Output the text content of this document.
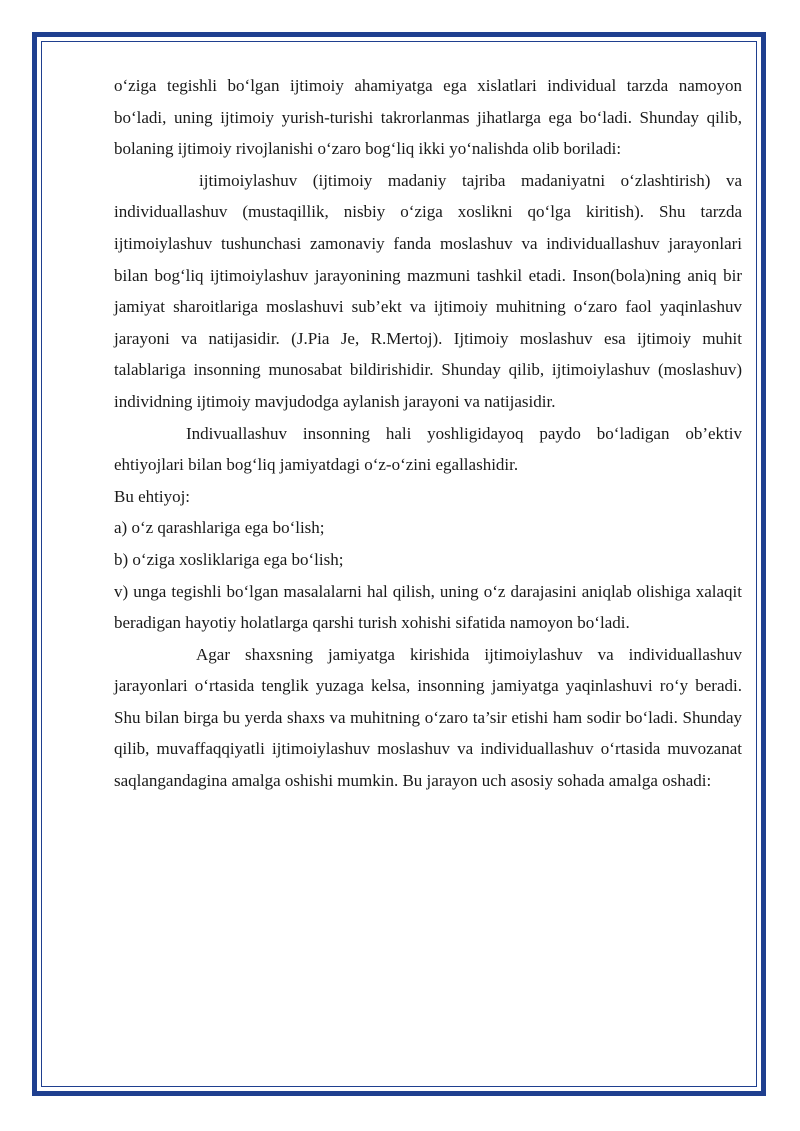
o‘ziga tegishli bo‘lgan ijtimoiy ahamiyatga ega xislatlari individual tarzda namoyon bo‘ladi, uning ijtimoiy yurish-turishi takrorlanmas jihatlarga ega bo‘ladi. Shunday qilib, bolaning ijtimoiy rivojlanishi o‘zaro bog‘liq ikki yo‘nalishda olib boriladi:

ijtimoiylashuv (ijtimoiy madaniy tajriba madaniyatni o‘zlashtirish) va individuallashuv (mustaqillik, nisbiy o‘ziga xoslikni qo‘lga kiritish). Shu tarzda ijtimoiylashuv tushunchasi zamonaviy fanda moslashuv va individuallashuv jarayonlari bilan bog‘liq ijtimoiylashuv jarayonining mazmuni tashkil etadi. Inson(bola)ning aniq bir jamiyat sharoitlariga moslashuvi sub’ekt va ijtimoiy muhitning o‘zaro faol yaqinlashuv jarayoni va natijasidir. (J.Pia Je, R.Mertoj). Ijtimoiy moslashuv esa ijtimoiy muhit talablariga insonning munosabat bildirishidir. Shunday qilib, ijtimoiylashuv (moslashuv) individning ijtimoiy mavjudodga aylanish jarayoni va natijasidir.

Indivuallashuv insonning hali yoshligidayoq paydo bo‘ladigan ob’ektiv ehtiyojlari bilan bog‘liq jamiyatdagi o‘z-o‘zini egallashidir.

Bu ehtiyoj:

a) o‘z qarashlariga ega bo‘lish;

b) o‘ziga xosliklariga ega bo‘lish;

v) unga tegishli bo‘lgan masalalarni hal qilish, uning o‘z darajasini aniqlab olishiga xalaqit beradigan hayotiy holatlarga qarshi turish xohishi sifatida namoyon bo‘ladi.

Agar shaxsning jamiyatga kirishida ijtimoiylashuv va individuallashuv jarayonlari o‘rtasida tenglik yuzaga kelsa, insonning jamiyatga yaqinlashuvi ro‘y beradi. Shu bilan birga bu yerda shaxs va muhitning o‘zaro ta’sir etishi ham sodir bo‘ladi. Shunday qilib, muvaffaqqiyatli ijtimoiylashuv moslashuv va individuallashuv o‘rtasida muvozanat saqlangandagina amalga oshishi mumkin. Bu jarayon uch asosiy sohada amalga oshadi:
